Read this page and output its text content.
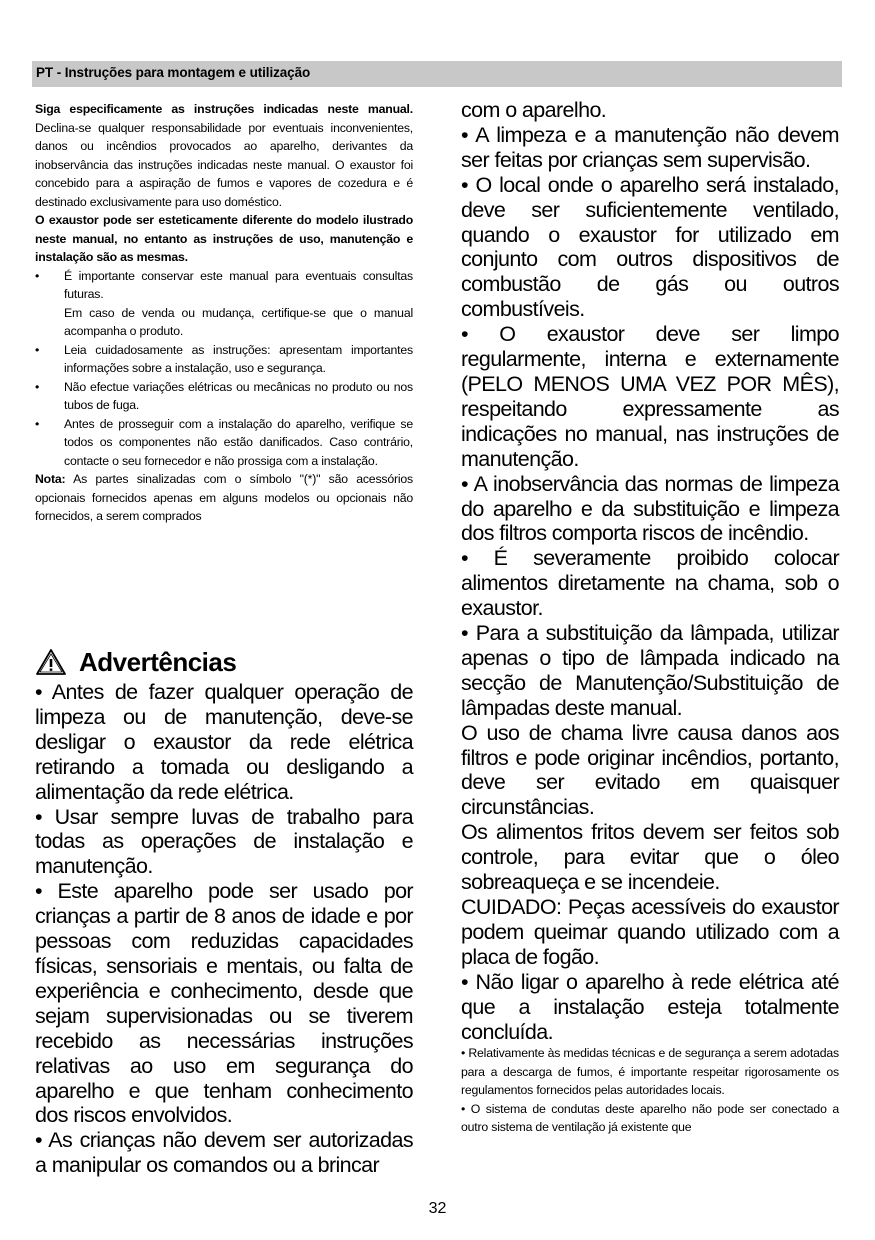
PT - Instruções para montagem e utilização

Siga especificamente as instruções indicadas neste manual. Declina-se qualquer responsabilidade por eventuais inconvenientes, danos ou incêndios provocados ao aparelho, derivantes da inobservância das instruções indicadas neste manual. O exaustor foi concebido para a aspiração de fumos e vapores de cozedura e é destinado exclusivamente para uso doméstico.

O exaustor pode ser esteticamente diferente do modelo ilustrado neste manual, no entanto as instruções de uso, manutenção e instalação são as mesmas.

• É importante conservar este manual para eventuais consultas futuras.
Em caso de venda ou mudança, certifique-se que o manual acompanha o produto.
• Leia cuidadosamente as instruções: apresentam importantes informações sobre a instalação, uso e segurança.
• Não efectue variações elétricas ou mecânicas no produto ou nos tubos de fuga.
• Antes de prosseguir com a instalação do aparelho, verifique se todos os componentes não estão danificados. Caso contrário, contacte o seu fornecedor e não prossiga com a instalação.

Nota: As partes sinalizadas com o símbolo "(*)" são acessórios opcionais fornecidos apenas em alguns modelos ou opcionais não fornecidos, a serem comprados

Advertências

• Antes de fazer qualquer operação de limpeza ou de manutenção, deve-se desligar o exaustor da rede elétrica retirando a tomada ou desligando a alimentação da rede elétrica.

• Usar sempre luvas de trabalho para todas as operações de instalação e manutenção.

• Este aparelho pode ser usado por crianças a partir de 8 anos de idade e por pessoas com reduzidas capacidades físicas, sensoriais e mentais, ou falta de experiência e conhecimento, desde que sejam supervisionadas ou se tiverem recebido as necessárias instruções relativas ao uso em segurança do aparelho e que tenham conhecimento dos riscos envolvidos.

• As crianças não devem ser autorizadas a manipular os comandos ou a brincar

com o aparelho.

• A limpeza e a manutenção não devem ser feitas por crianças sem supervisão.

• O local onde o aparelho será instalado, deve ser suficientemente ventilado, quando o exaustor for utilizado em conjunto com outros dispositivos de combustão de gás ou outros combustíveis.

• O exaustor deve ser limpo regularmente, interna e externamente (PELO MENOS UMA VEZ POR MÊS), respeitando expressamente as indicações no manual, nas instruções de manutenção.

• A inobservância das normas de limpeza do aparelho e da substituição e limpeza dos filtros comporta riscos de incêndio.

• É severamente proibido colocar alimentos diretamente na chama, sob o exaustor.

• Para a substituição da lâmpada, utilizar apenas o tipo de lâmpada indicado na secção de Manutenção/Substituição de lâmpadas deste manual.

O uso de chama livre causa danos aos filtros e pode originar incêndios, portanto, deve ser evitado em quaisquer circunstâncias.

Os alimentos fritos devem ser feitos sob controle, para evitar que o óleo sobreaqueça e se incendeie.

CUIDADO: Peças acessíveis do exaustor podem queimar quando utilizado com a placa de fogão.

• Não ligar o aparelho à rede elétrica até que a instalação esteja totalmente concluída.

• Relativamente às medidas técnicas e de segurança a serem adotadas para a descarga de fumos, é importante respeitar rigorosamente os regulamentos fornecidos pelas autoridades locais.

• O sistema de condutas deste aparelho não pode ser conectado a outro sistema de ventilação já existente que

32
